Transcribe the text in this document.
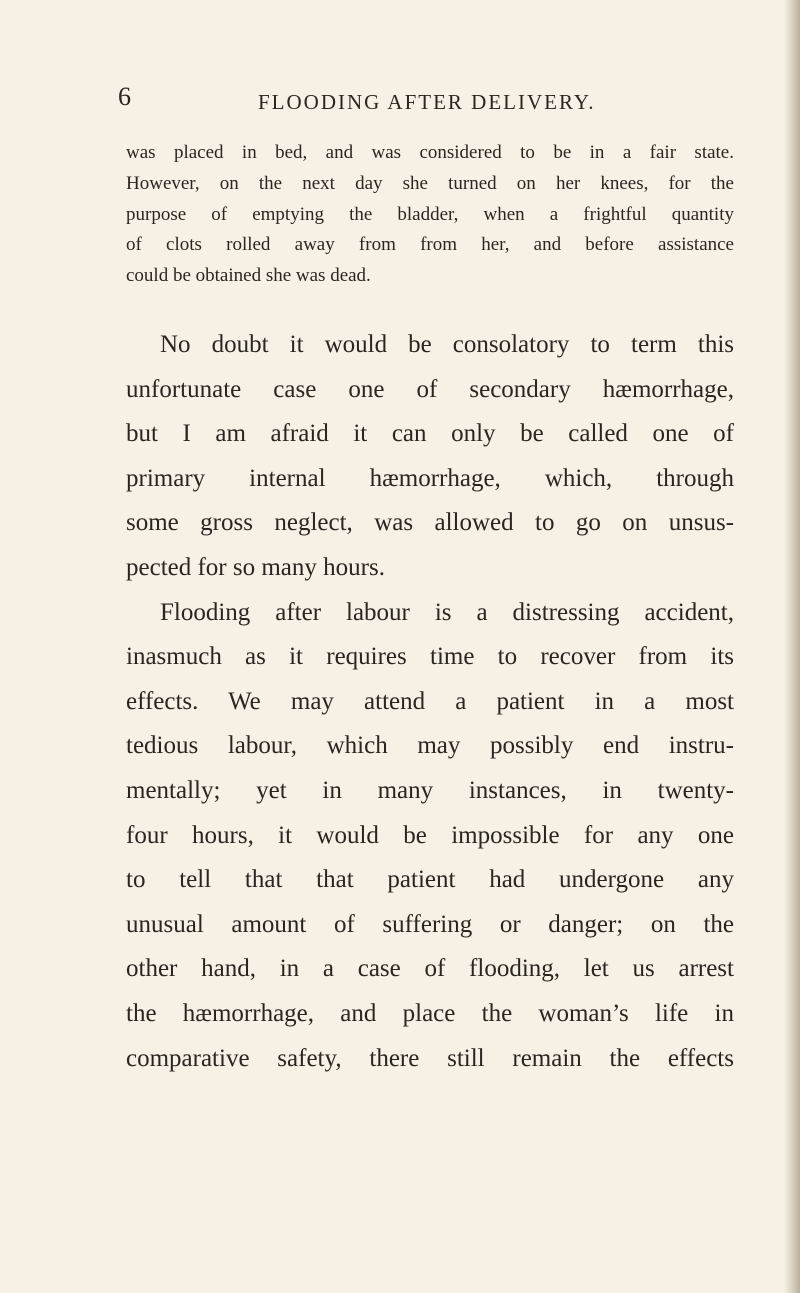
6	FLOODING AFTER DELIVERY.
was placed in bed, and was considered to be in a fair state.
However, on the next day she turned on her knees, for the
purpose of emptying the bladder, when a frightful quantity
of clots rolled away from from her, and before assistance
could be obtained she was dead.
No doubt it would be consolatory to term this
unfortunate case one of secondary hæmorrhage,
but I am afraid it can only be called one of
primary internal hæmorrhage, which, through
some gross neglect, was allowed to go on unsus-
pected for so many hours.
Flooding after labour is a distressing accident,
inasmuch as it requires time to recover from its
effects. We may attend a patient in a most
tedious labour, which may possibly end instru-
mentally; yet in many instances, in twenty-
four hours, it would be impossible for any one
to tell that that patient had undergone any
unusual amount of suffering or danger; on the
other hand, in a case of flooding, let us arrest
the hæmorrhage, and place the woman’s life in
comparative safety, there still remain the effects
